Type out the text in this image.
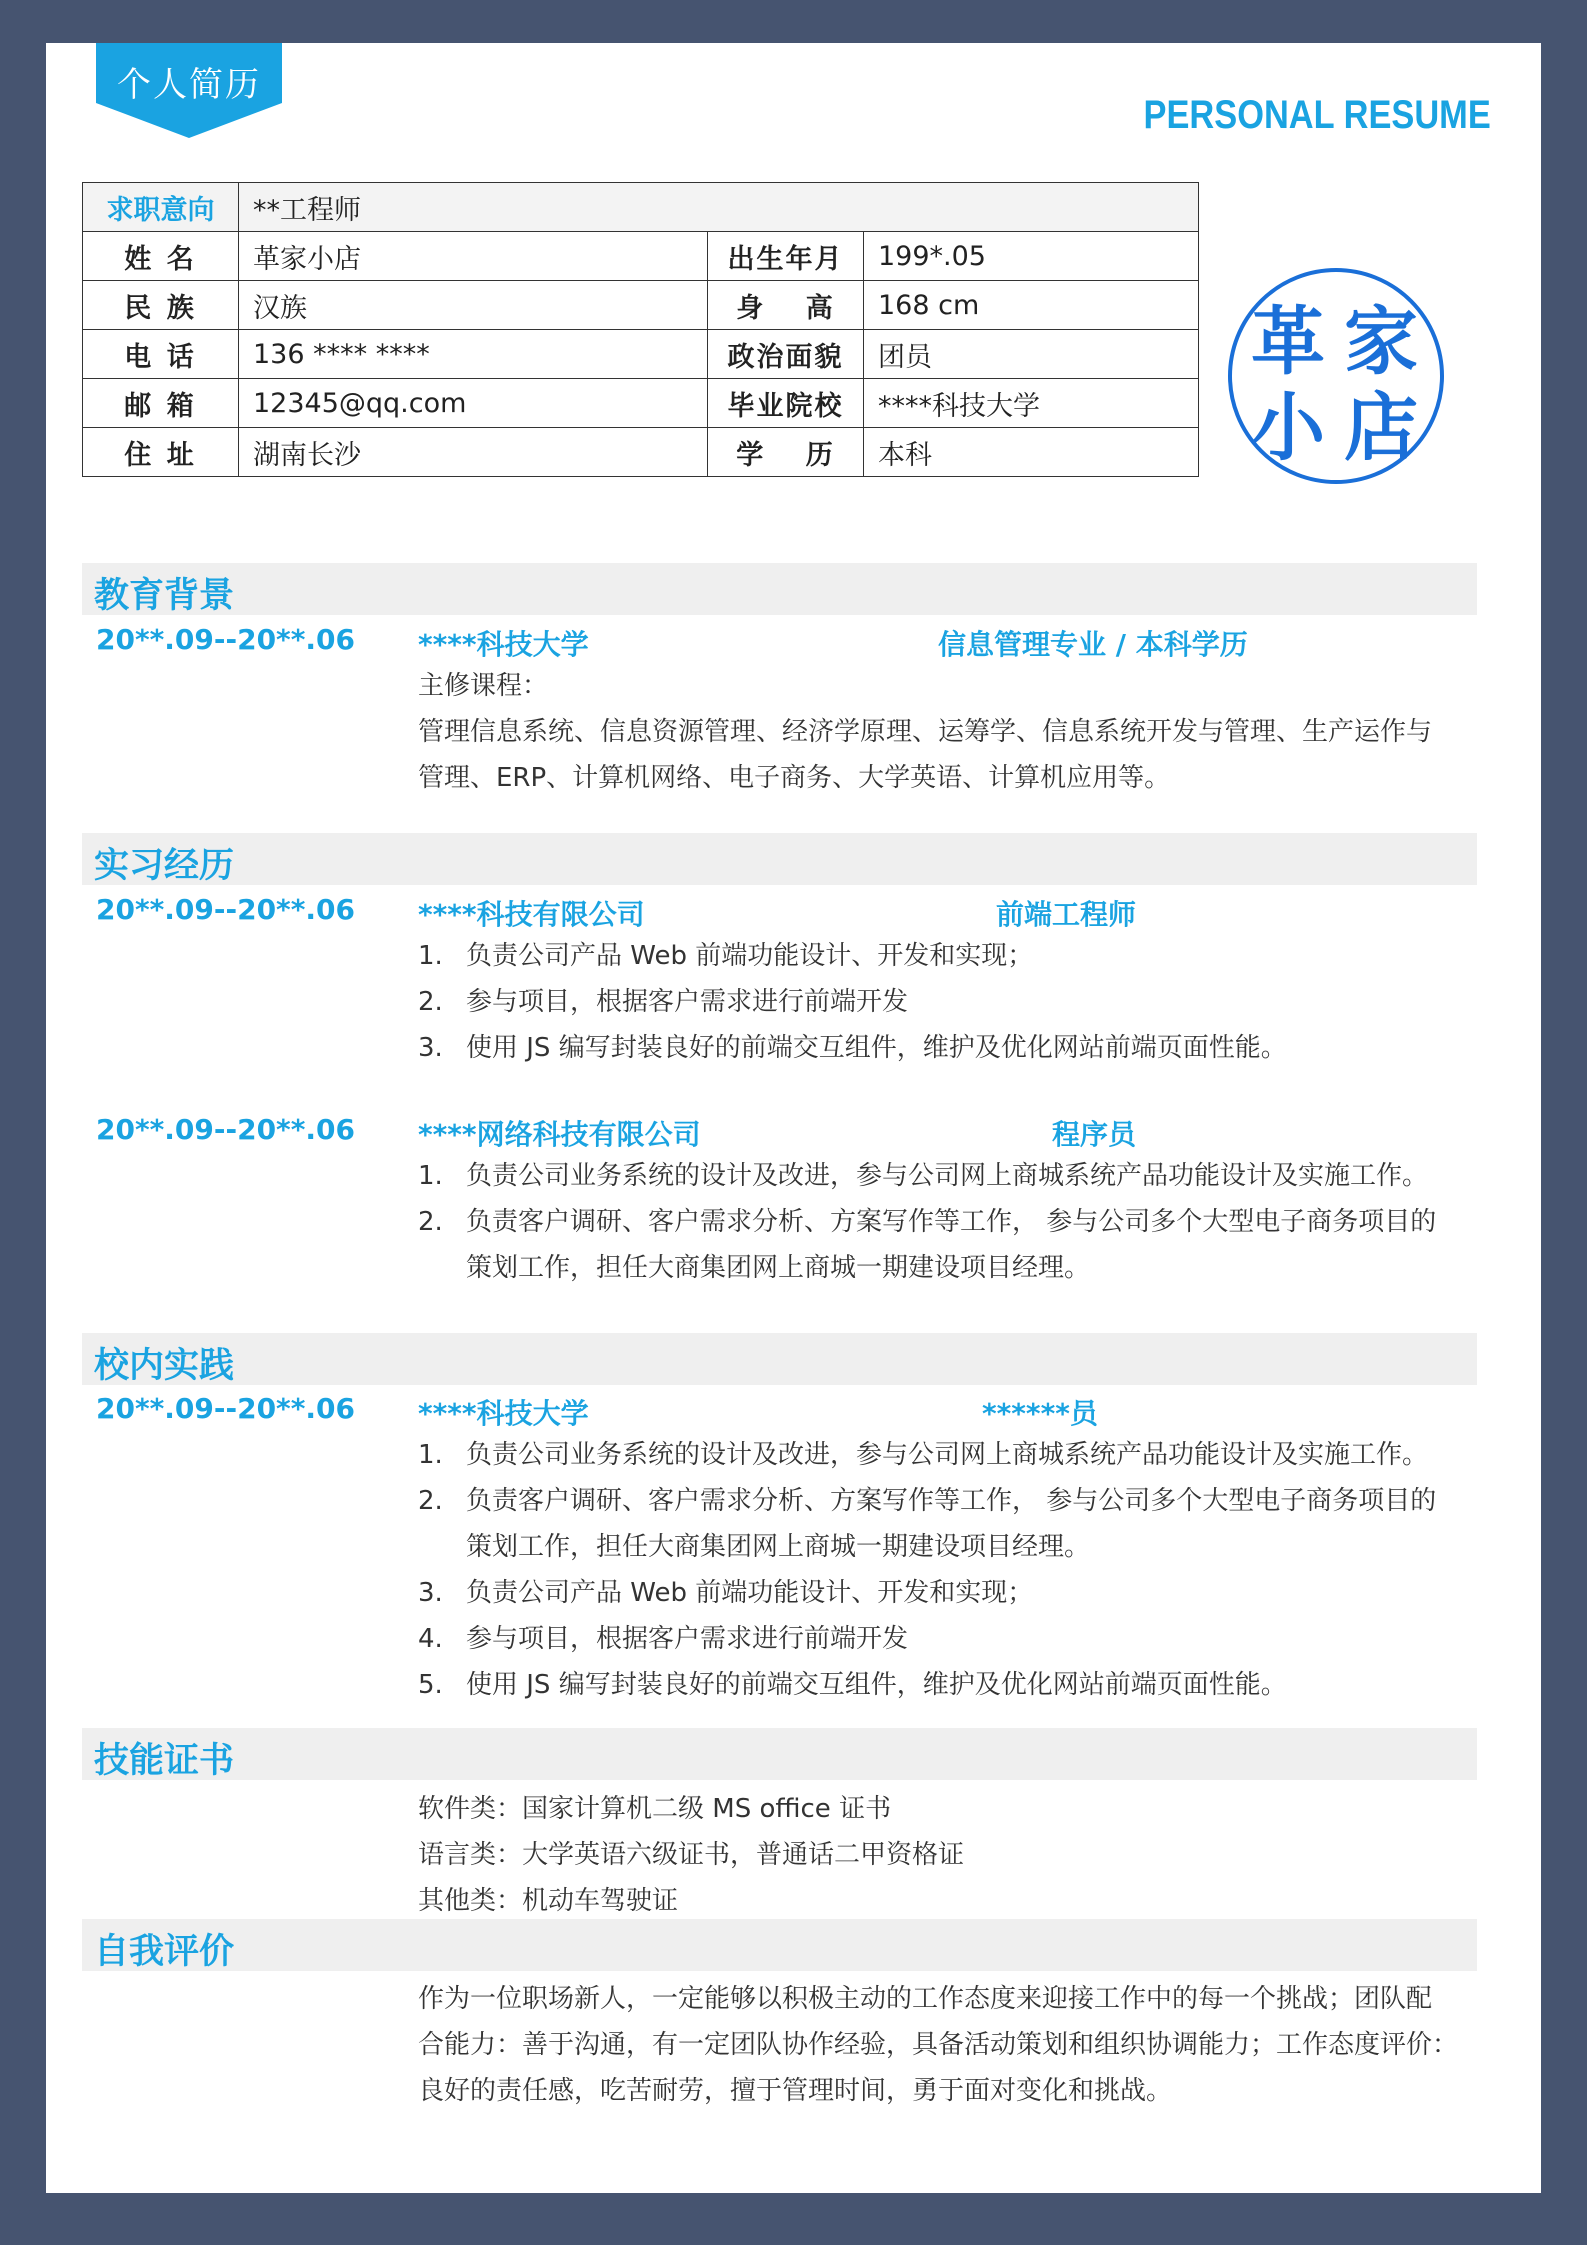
个人简历
PERSONAL RESUME
求职意向	**工程师		
姓 名	革家小店	出生年月	199*.05
民 族	汉族	身　 高	168 cm
电 话	136 **** ****	政治面貌	团员
邮 箱	12345@qq.com	毕业院校	****科技大学
住 址	湖南长沙	学　 历	本科
革 家
小 店
教育背景
20**.09--20**.06 ****科技大学	信息管理专业 / 本科学历
主修课程：
管理信息系统、信息资源管理、经济学原理、运筹学、信息系统开发与管理、生产运作与
管理、ERP、计算机网络、电子商务、大学英语、计算机应用等。
实习经历
20**.09--20**.06 ****科技有限公司	前端工程师
1. 负责公司产品 Web 前端功能设计、开发和实现；
2. 参与项目，根据客户需求进行前端开发
3. 使用 JS 编写封装良好的前端交互组件，维护及优化网站前端页面性能。
20**.09--20**.06 ****网络科技有限公司	程序员
1. 负责公司业务系统的设计及改进，参与公司网上商城系统产品功能设计及实施工作。
2. 负责客户调研、客户需求分析、方案写作等工作， 参与公司多个大型电子商务项目的
策划工作，担任大商集团网上商城一期建设项目经理。
校内实践
20**.09--20**.06 ****科技大学	******员
1. 负责公司业务系统的设计及改进，参与公司网上商城系统产品功能设计及实施工作。
2. 负责客户调研、客户需求分析、方案写作等工作， 参与公司多个大型电子商务项目的
策划工作，担任大商集团网上商城一期建设项目经理。
3. 负责公司产品 Web 前端功能设计、开发和实现；
4. 参与项目，根据客户需求进行前端开发
5. 使用 JS 编写封装良好的前端交互组件，维护及优化网站前端页面性能。
技能证书
软件类：国家计算机二级 MS office 证书
语言类：大学英语六级证书，普通话二甲资格证
其他类：机动车驾驶证
自我评价
作为一位职场新人，一定能够以积极主动的工作态度来迎接工作中的每一个挑战；团队配
合能力：善于沟通，有一定团队协作经验，具备活动策划和组织协调能力；工作态度评价：
良好的责任感，吃苦耐劳，擅于管理时间，勇于面对变化和挑战。
